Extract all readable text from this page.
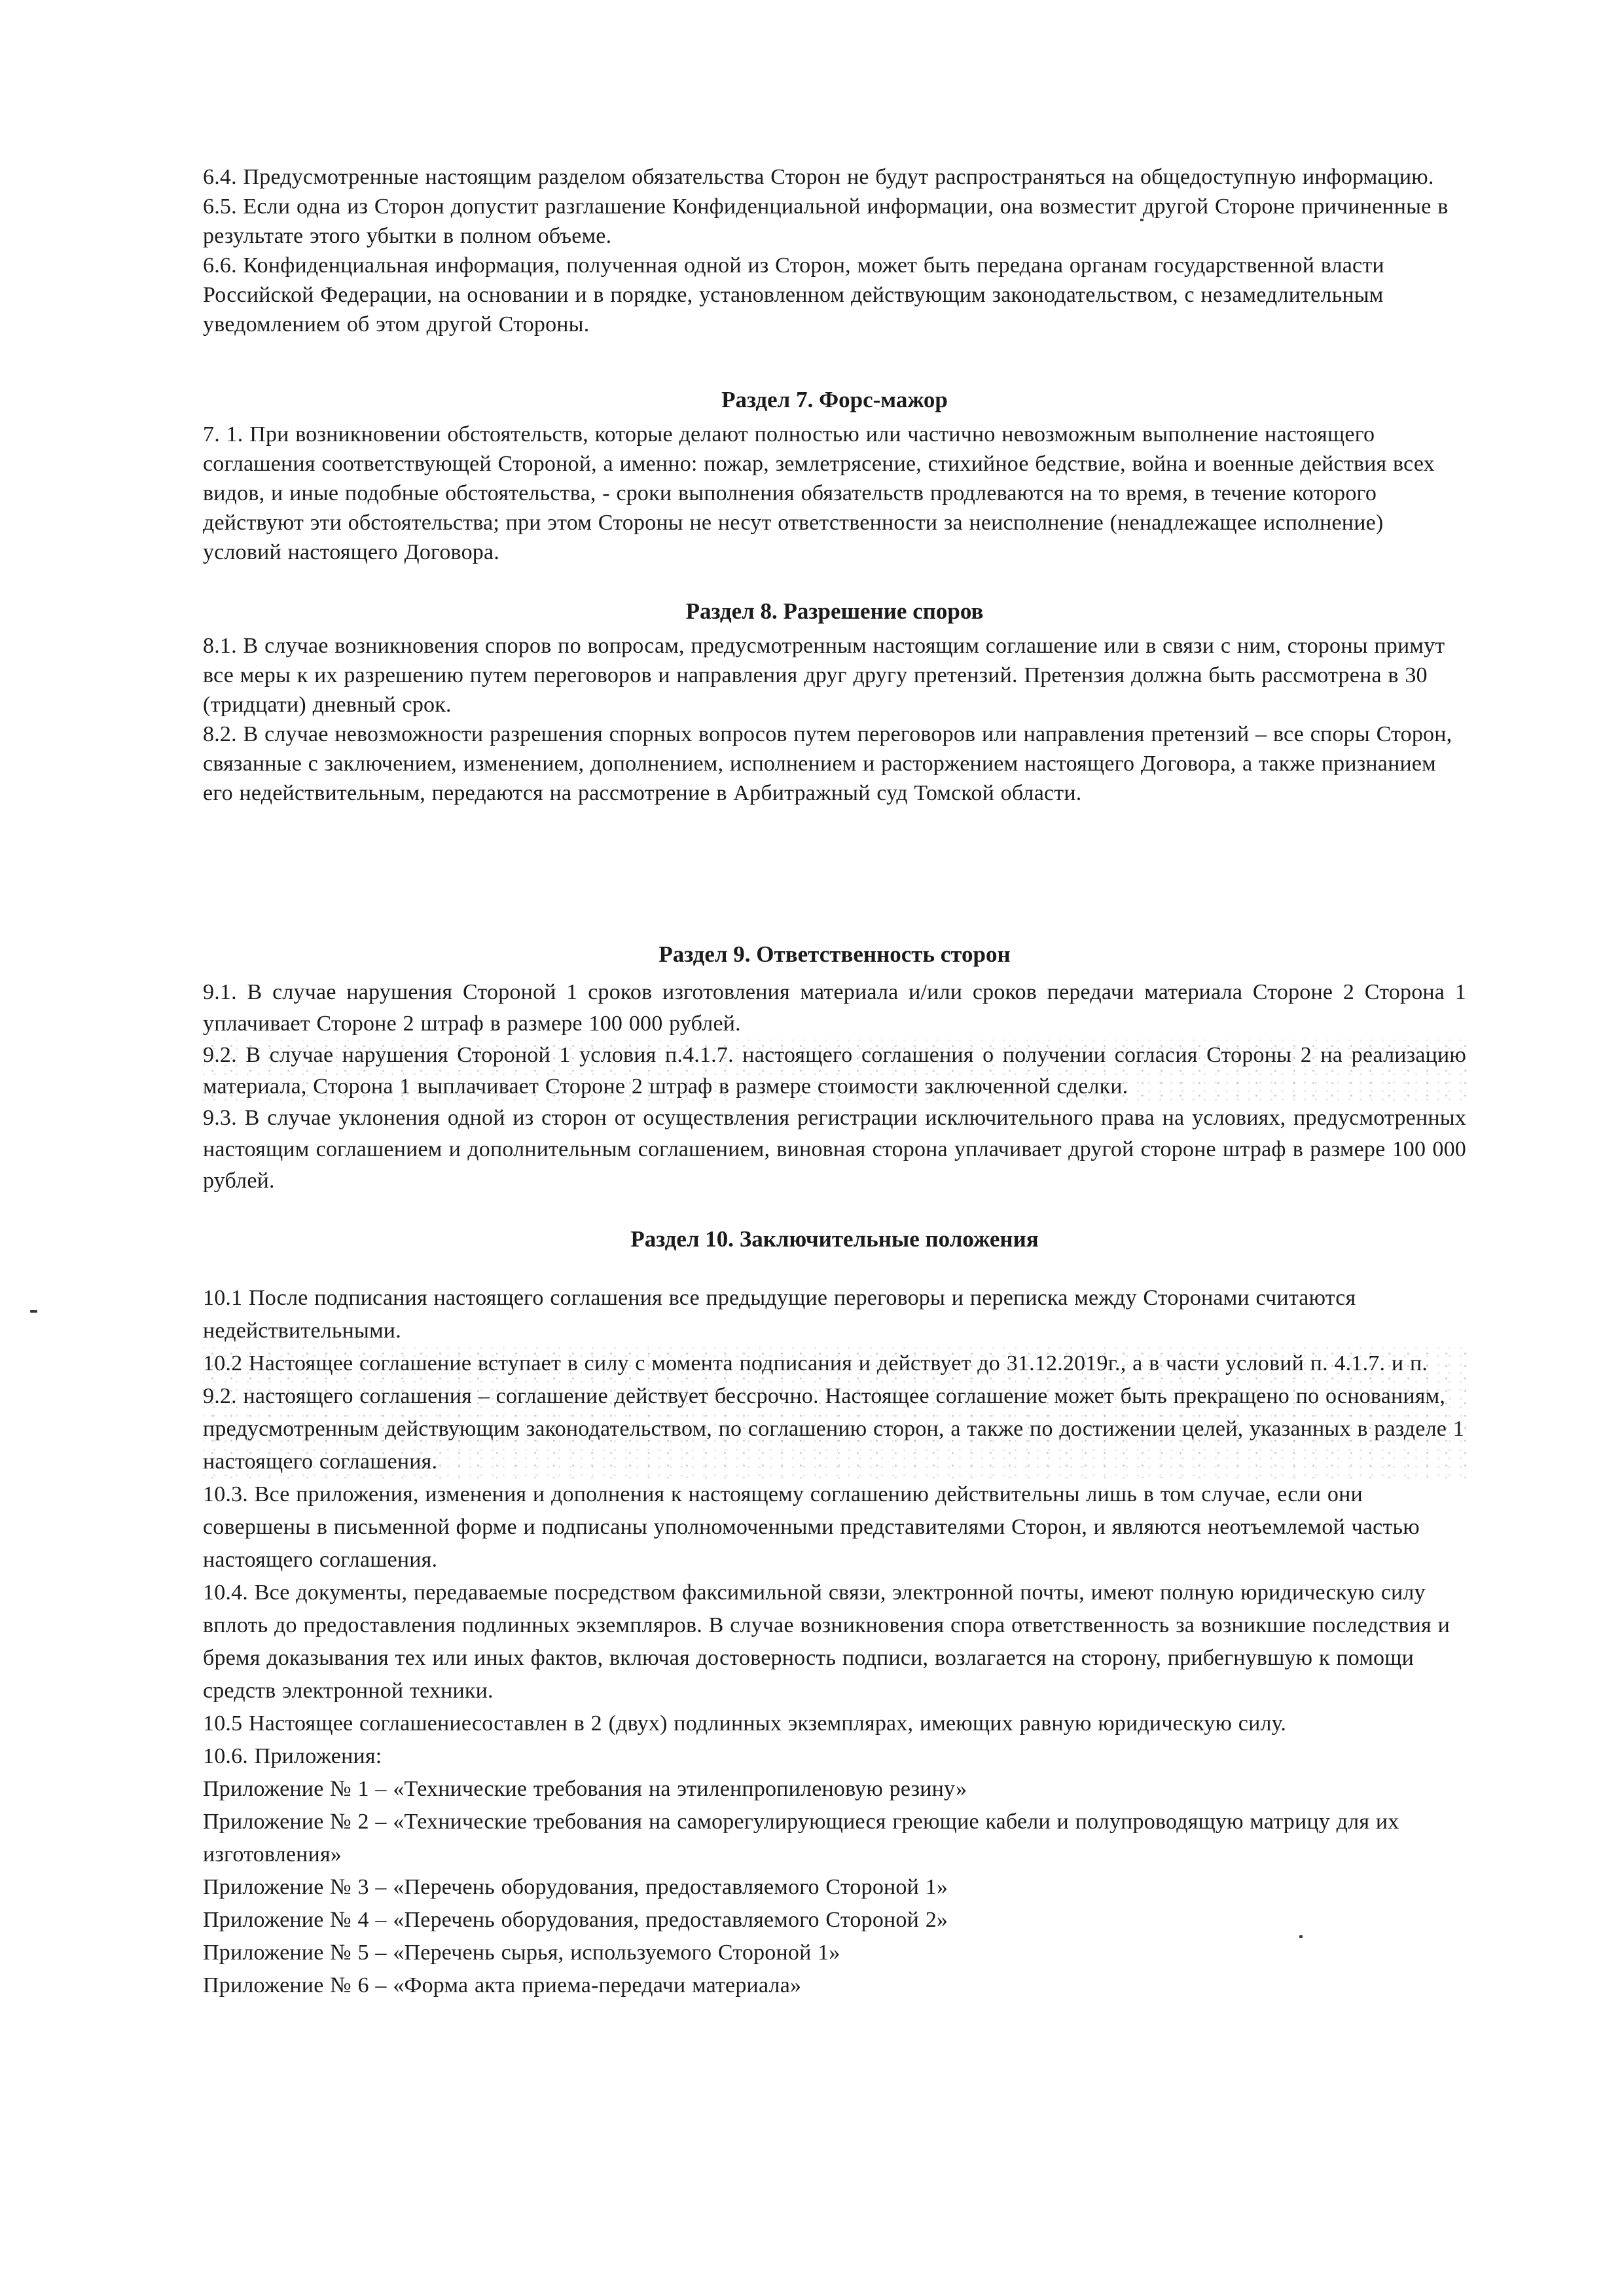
6.4. Предусмотренные настоящим разделом обязательства Сторон не будут распространяться на общедоступную информацию.

6.5. Если одна из Сторон допустит разглашение Конфиденциальной информации, она возместит другой Стороне причиненные в результате этого убытки в полном объеме.

6.6. Конфиденциальная информация, полученная одной из Сторон, может быть передана органам государственной власти Российской Федерации, на основании и в порядке, установленном действующим законодательством, с незамедлительным уведомлением об этом другой Стороны.

Раздел 7. Форс-мажор

7. 1. При возникновении обстоятельств, которые делают полностью или частично невозможным выполнение настоящего соглашения соответствующей Стороной, а именно: пожар, землетрясение, стихийное бедствие, война и военные действия всех видов, и иные подобные обстоятельства, - сроки выполнения обязательств продлеваются на то время, в течение которого действуют эти обстоятельства; при этом Стороны не несут ответственности за неисполнение (ненадлежащее исполнение) условий настоящего Договора.

Раздел 8. Разрешение споров

8.1. В случае возникновения споров по вопросам, предусмотренным настоящим соглашение или в связи с ним, стороны примут все меры к их разрешению путем переговоров и направления друг другу претензий. Претензия должна быть рассмотрена в 30 (тридцати) дневный срок.

8.2. В случае невозможности разрешения спорных вопросов путем переговоров или направления претензий – все споры Сторон, связанные с заключением, изменением, дополнением, исполнением и расторжением настоящего Договора, а также признанием его недействительным, передаются на рассмотрение в Арбитражный суд Томской области.

Раздел 9. Ответственность сторон

9.1. В случае нарушения Стороной 1 сроков изготовления материала и/или сроков передачи материала Стороне 2 Сторона 1 уплачивает Стороне 2 штраф в размере 100 000 рублей.

9.2. В случае нарушения Стороной 1 условия п.4.1.7. настоящего соглашения о получении согласия Стороны 2 на реализацию материала, Сторона 1 выплачивает Стороне 2 штраф в размере стоимости заключенной сделки.

9.3. В случае уклонения одной из сторон от осуществления регистрации исключительного права на условиях, предусмотренных настоящим соглашением и дополнительным соглашением, виновная сторона уплачивает другой стороне штраф в размере 100 000 рублей.

Раздел 10. Заключительные положения

10.1 После подписания настоящего соглашения все предыдущие переговоры и переписка между Сторонами считаются недействительными.

10.2 Настоящее соглашение вступает в силу с момента подписания и действует до 31.12.2019г., а в части условий п. 4.1.7. и п. 9.2. настоящего соглашения – соглашение действует бессрочно. Настоящее соглашение может быть прекращено по основаниям, предусмотренным действующим законодательством, по соглашению сторон, а также по достижении целей, указанных в разделе 1 настоящего соглашения.

10.3. Все приложения, изменения и дополнения к настоящему соглашению действительны лишь в том случае, если они совершены в письменной форме и подписаны уполномоченными представителями Сторон, и являются неотъемлемой частью настоящего соглашения.

10.4. Все документы, передаваемые посредством факсимильной связи, электронной почты, имеют полную юридическую силу вплоть до предоставления подлинных экземпляров. В случае возникновения спора ответственность за возникшие последствия и бремя доказывания тех или иных фактов, включая достоверность подписи, возлагается на сторону, прибегнувшую к помощи средств электронной техники.

10.5 Настоящее соглашениесоставлен в 2 (двух) подлинных экземплярах, имеющих равную юридическую силу.

10.6. Приложения:

Приложение № 1 – «Технические требования на этиленпропиленовую резину»

Приложение № 2 – «Технические требования на саморегулирующиеся греющие кабели и полупроводящую матрицу для их изготовления»

Приложение № 3 – «Перечень оборудования, предоставляемого Стороной 1»

Приложение № 4 – «Перечень оборудования, предоставляемого Стороной 2»

Приложение № 5 – «Перечень сырья, используемого Стороной 1»

Приложение № 6 – «Форма акта приема-передачи материала»
